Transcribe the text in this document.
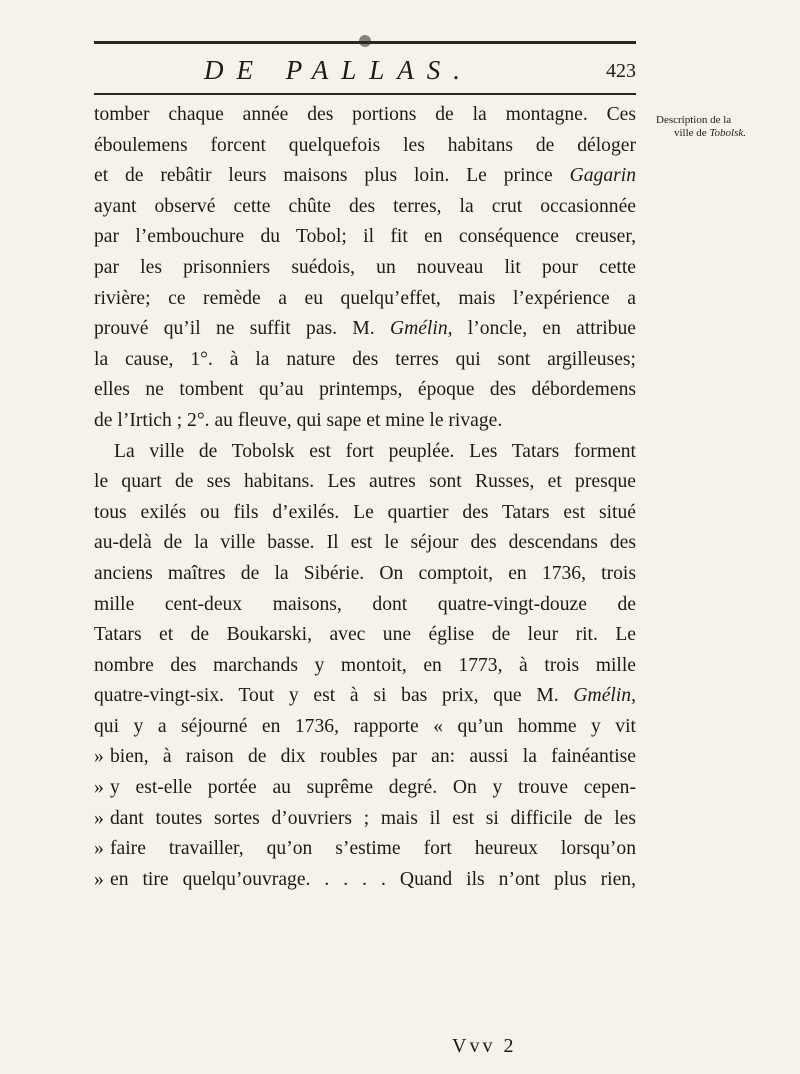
DE PALLAS.	423
Description de la
ville de Tobolsk.
tomber chaque année des portions de la montagne. Ces
éboulemens forcent quelquefois les habitans de déloger
et de rebâtir leurs maisons plus loin. Le prince Gagarin
ayant observé cette chûte des terres, la crut occasionnée
par l’embouchure du Tobol; il fit en conséquence creuser,
par les prisonniers suédois, un nouveau lit pour cette
rivière; ce remède a eu quelqu’effet, mais l’expérience a
prouvé qu’il ne suffit pas. M. Gmélin, l’oncle, en attribue
la cause, 1°. à la nature des terres qui sont argilleuses;
elles ne tombent qu’au printemps, époque des débordemens
de l’Irtich ; 2°. au fleuve, qui sape et mine le rivage.
La ville de Tobolsk est fort peuplée. Les Tatars forment
le quart de ses habitans. Les autres sont Russes, et presque
tous exilés ou fils d’exilés. Le quartier des Tatars est situé
au-delà de la ville basse. Il est le séjour des descendans des
anciens maîtres de la Sibérie. On comptoit, en 1736, trois
mille cent-deux maisons, dont quatre-vingt-douze de
Tatars et de Boukarski, avec une église de leur rit. Le
nombre des marchands y montoit, en 1773, à trois mille
quatre-vingt-six. Tout y est à si bas prix, que M. Gmélin,
qui y a séjourné en 1736, rapporte « qu’un homme y vit
» bien, à raison de dix roubles par an: aussi la fainéantise
» y est-elle portée au suprême degré. On y trouve cepen-
» dant toutes sortes d’ouvriers ; mais il est si difficile de les
» faire travailler, qu’on s’estime fort heureux lorsqu’on
» en tire quelqu’ouvrage. . . . . Quand ils n’ont plus rien,
Vvv 2
